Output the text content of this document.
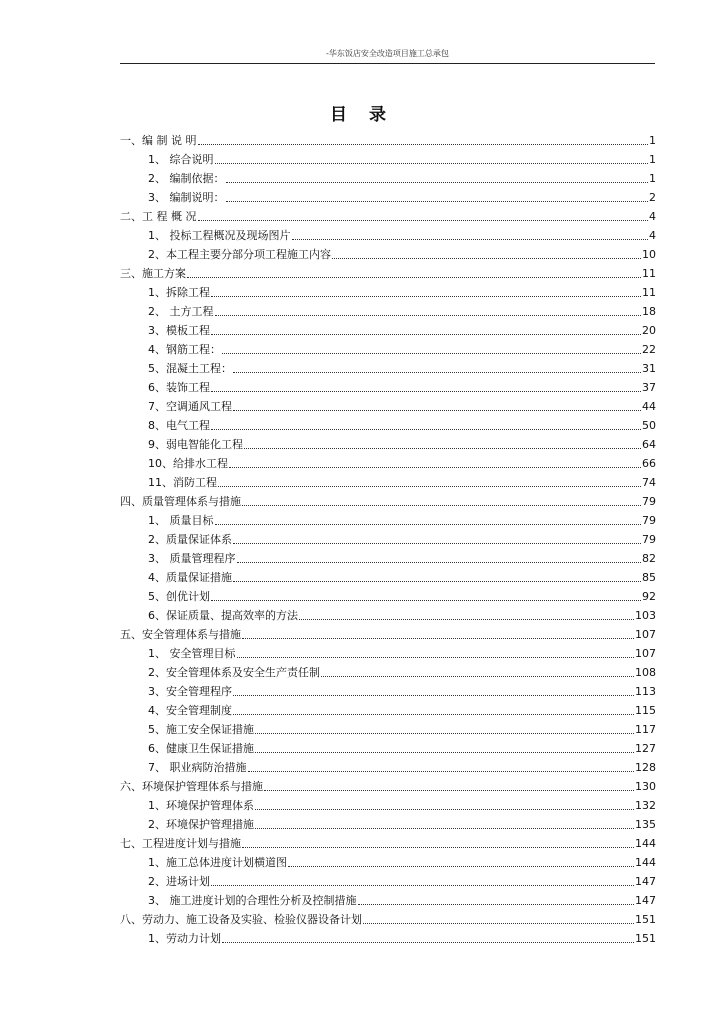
-华东饭店安全改造项目施工总承包
目 录
一、编 制 说 明	1
1、 综合说明	1
2、 编制依据：	1
3、 编制说明：	2
二、工 程 概 况	4
1、 投标工程概况及现场图片	4
2、本工程主要分部分项工程施工内容	10
三、施工方案	11
1、拆除工程	11
2、 土方工程	18
3、模板工程	20
4、钢筋工程：	22
5、混凝土工程：	31
6、装饰工程	37
7、空调通风工程	44
8、电气工程	50
9、弱电智能化工程	64
10、给排水工程	66
11、消防工程	74
四、质量管理体系与措施	79
1、 质量目标	79
2、质量保证体系	79
3、 质量管理程序	82
4、质量保证措施	85
5、创优计划	92
6、保证质量、提高效率的方法	103
五、安全管理体系与措施	107
1、 安全管理目标	107
2、安全管理体系及安全生产责任制	108
3、安全管理程序	113
4、安全管理制度	115
5、施工安全保证措施	117
6、健康卫生保证措施	127
7、 职业病防治措施	128
六、环境保护管理体系与措施	130
1、环境保护管理体系	132
2、环境保护管理措施	135
七、工程进度计划与措施	144
1、施工总体进度计划横道图	144
2、进场计划	147
3、 施工进度计划的合理性分析及控制措施	147
八、劳动力、施工设备及实验、检验仪器设备计划	151
1、劳动力计划	151
